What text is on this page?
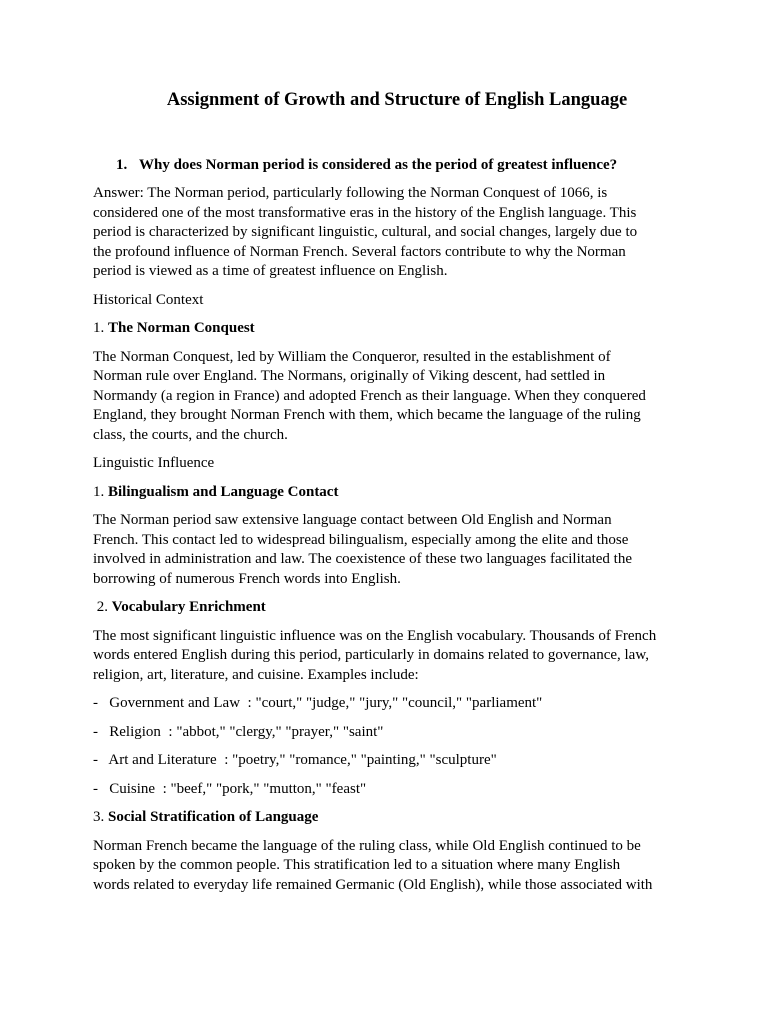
Assignment of Growth and Structure of English Language
1. Why does Norman period is considered as the period of greatest influence?

Answer: The Norman period, particularly following the Norman Conquest of 1066, is
considered one of the most transformative eras in the history of the English language. This
period is characterized by significant linguistic, cultural, and social changes, largely due to
the profound influence of Norman French. Several factors contribute to why the Norman
period is viewed as a time of greatest influence on English.

Historical Context

1. The Norman Conquest

The Norman Conquest, led by William the Conqueror, resulted in the establishment of
Norman rule over England. The Normans, originally of Viking descent, had settled in
Normandy (a region in France) and adopted French as their language. When they conquered
England, they brought Norman French with them, which became the language of the ruling
class, the courts, and the church.

Linguistic Influence

1. Bilingualism and Language Contact

The Norman period saw extensive language contact between Old English and Norman
French. This contact led to widespread bilingualism, especially among the elite and those
involved in administration and law. The coexistence of these two languages facilitated the
borrowing of numerous French words into English.

2. Vocabulary Enrichment

The most significant linguistic influence was on the English vocabulary. Thousands of French
words entered English during this period, particularly in domains related to governance, law,
religion, art, literature, and cuisine. Examples include:

-   Government and Law  : "court," "judge," "jury," "council," "parliament"

-   Religion  : "abbot," "clergy," "prayer," "saint"

-   Art and Literature  : "poetry," "romance," "painting," "sculpture"

-   Cuisine  : "beef," "pork," "mutton," "feast"

3. Social Stratification of Language

Norman French became the language of the ruling class, while Old English continued to be
spoken by the common people. This stratification led to a situation where many English
words related to everyday life remained Germanic (Old English), while those associated with
